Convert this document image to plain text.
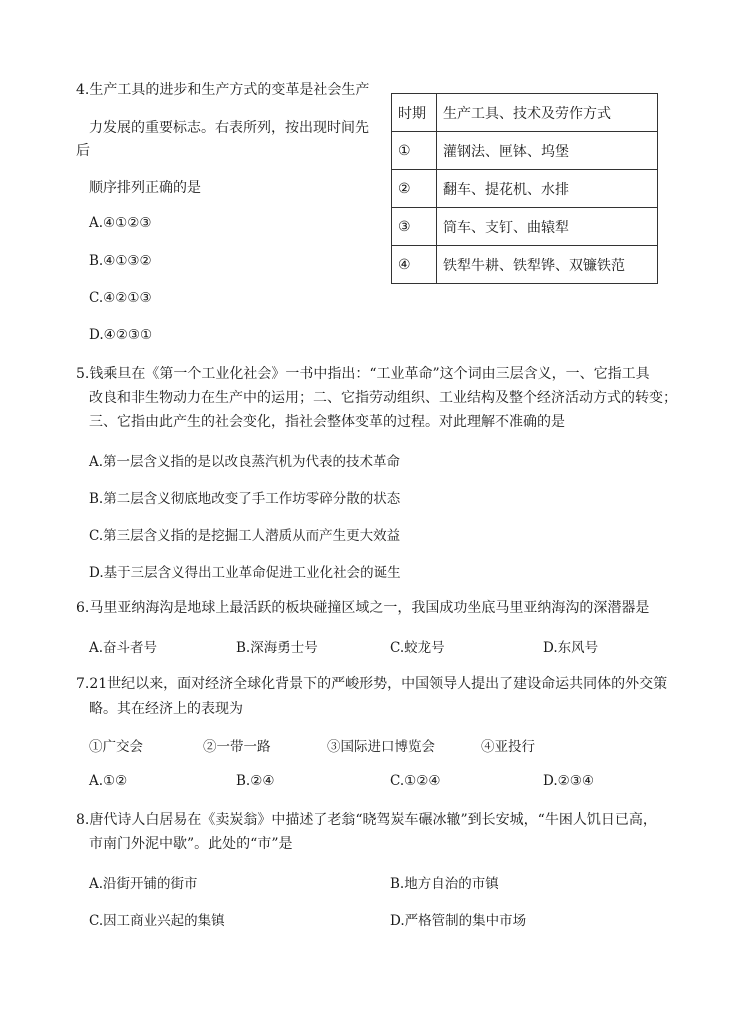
4.生产工具的进步和生产方式的变革是社会生产
力发展的重要标志。右表所列，按出现时间先
后
顺序排列正确的是
A.④①②③
B.④①③②
C.④②①③
D.④②③①
时期	生产工具、技术及劳作方式
①	灌钢法、匣钵、坞堡
②	翻车、提花机、水排
③	筒车、支钉、曲辕犁
④	铁犁牛耕、铁犁铧、双镰铁范
5.钱乘旦在《第一个工业化社会》一书中指出：“工业革命”这个词由三层含义，一、它指工具
改良和非生物动力在生产中的运用；二、它指劳动组织、工业结构及整个经济活动方式的转变；
三、它指由此产生的社会变化，指社会整体变革的过程。对此理解不准确的是
A.第一层含义指的是以改良蒸汽机为代表的技术革命
B.第二层含义彻底地改变了手工作坊零碎分散的状态
C.第三层含义指的是挖掘工人潜质从而产生更大效益
D.基于三层含义得出工业革命促进工业化社会的诞生
6.马里亚纳海沟是地球上最活跃的板块碰撞区域之一，我国成功坐底马里亚纳海沟的深潜器是
A.奋斗者号	B.深海勇士号	C.蛟龙号	D.东风号
7.21世纪以来，面对经济全球化背景下的严峻形势，中国领导人提出了建设命运共同体的外交策
略。其在经济上的表现为
①广交会	②一带一路	③国际进口博览会	④亚投行
A.①②	B.②④	C.①②④	D.②③④
8.唐代诗人白居易在《卖炭翁》中描述了老翁“晓驾炭车碾冰辙”到长安城，“牛困人饥日已高，
市南门外泥中歇”。此处的“市”是
A.沿街开铺的街市	B.地方自治的市镇
C.因工商业兴起的集镇	D.严格管制的集中市场
